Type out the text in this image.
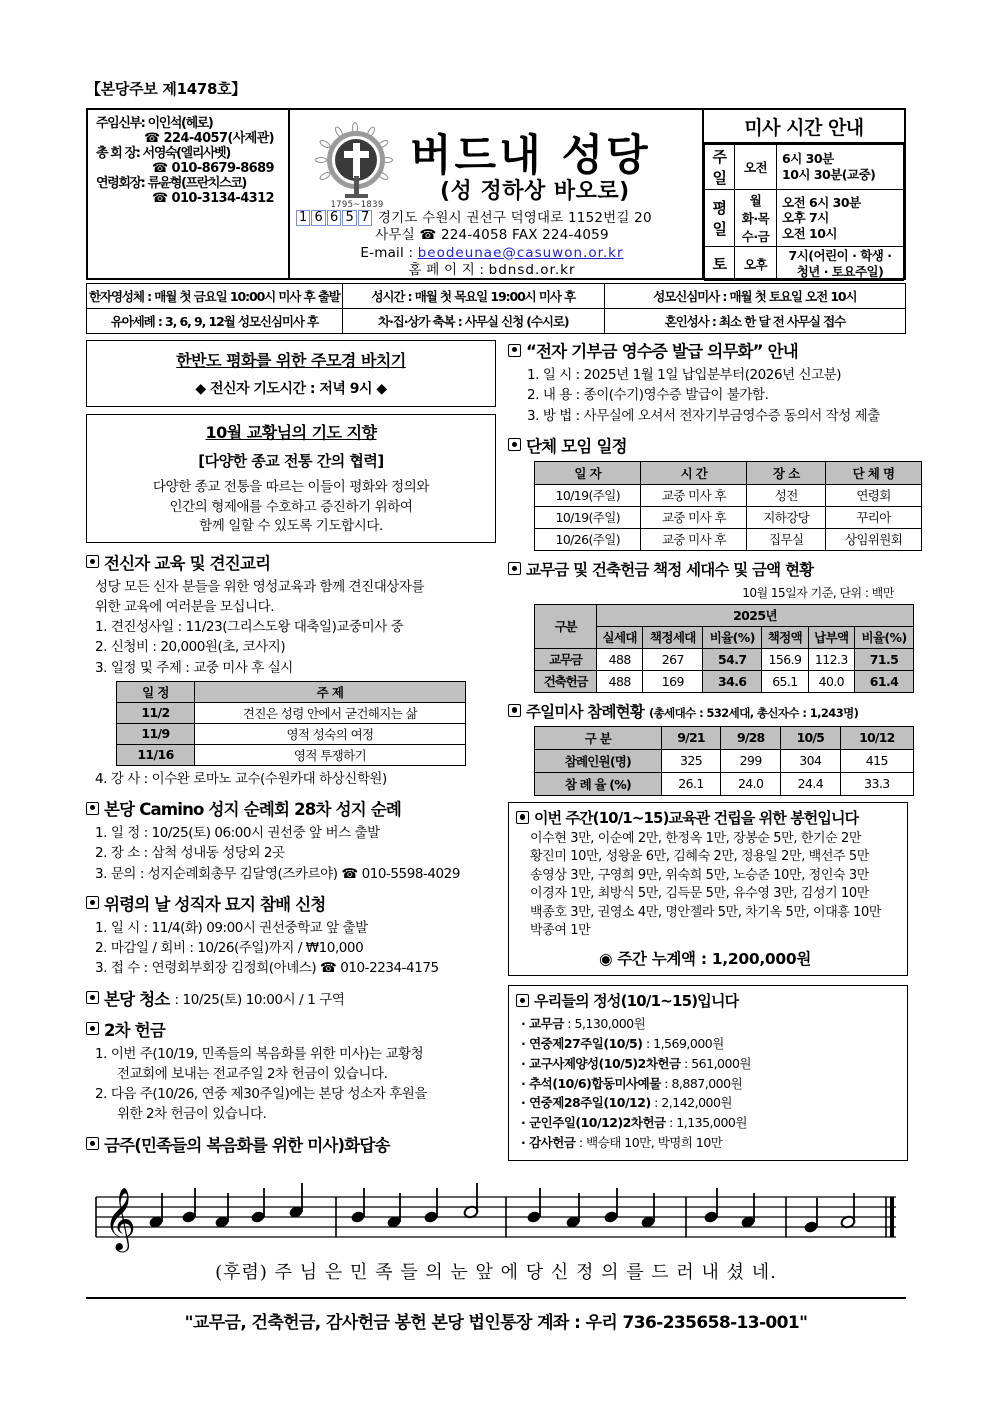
【본당주보 제1478호】
주임신부: 이인석(헤로)
☎ 224-4057(사제관)
총 회 장: 서영숙(엘리사벳)
☎ 010-8679-8689
연령회장: 류윤형(프란치스코)
☎ 010-3134-4312	1795~1839
버드내 성당
(성 정하상 바오로)
1 6 6 5 7 경기도 수원시 권선구 덕영대로 1152번길 20
사무실 ☎ 224-4058 FAX 224-4059
E-mail : beodeunae@casuwon.or.kr
홈 페 이 지 : bdnsd.or.kr
미사 시간 안내
주
일	오전	6시 30분
10시 30분(교중)
평
일	월
화·목
수·금	오전 6시 30분
오후 7시
오전 10시
토	오후	7시(어린이 · 학생 ·
청년 · 토요주일)
한자영성체 : 매월 첫 금요일 10:00시 미사 후 출발	성시간 : 매월 첫 목요일 19:00시 미사 후	성모신심미사 : 매월 첫 토요일 오전 10시
유아세례 : 3, 6, 9, 12월 성모신심미사 후	차·집·상가 축복 : 사무실 신청 (수시로)	혼인성사 : 최소 한 달 전 사무실 접수
한반도 평화를 위한 주모경 바치기
◆ 전신자 기도시간 : 저녁 9시 ◆
10월 교황님의 기도 지향
[다양한 종교 전통 간의 협력]
다양한 종교 전통을 따르는 이들이 평화와 정의와
인간의 형제애를 수호하고 증진하기 위하여
함께 일할 수 있도록 기도합시다.
전신자 교육 및 견진교리
성당 모든 신자 분들을 위한 영성교육과 함께 견진대상자를
위한 교육에 여러분을 모십니다.
1. 견진성사일 : 11/23(그리스도왕 대축일)교중미사 중
2. 신청비 : 20,000원(초, 코사지)
3. 일정 및 주제 : 교중 미사 후 실시
일 정	주 제
11/2	견진은 성령 안에서 굳건해지는 삶
11/9	영적 성숙의 여정
11/16	영적 투쟁하기
4. 강 사 : 이수완 로마노 교수(수원카대 하상신학원)
본당 Camino 성지 순례회 28차 성지 순례
1. 일 정 : 10/25(토) 06:00시 권선중 앞 버스 출발
2. 장 소 : 삼척 성내동 성당외 2곳
3. 문의 : 성지순례회총무 김달영(즈카르야) ☎ 010-5598-4029
위령의 날 성직자 묘지 참배 신청
1. 일 시 : 11/4(화) 09:00시 권선중학교 앞 출발
2. 마감일 / 회비 : 10/26(주일)까지 / ₩10,000
3. 접 수 : 연령회부회장 김정희(아녜스) ☎ 010-2234-4175
본당 청소 : 10/25(토) 10:00시 / 1 구역
2차 헌금
1. 이번 주(10/19, 민족들의 복음화를 위한 미사)는 교황청
전교회에 보내는 전교주일 2차 헌금이 있습니다.
2. 다음 주(10/26, 연중 제30주일)에는 본당 성소자 후원을
위한 2차 헌금이 있습니다.
금주(민족들의 복음화를 위한 미사)화답송
“전자 기부금 영수증 발급 의무화” 안내
1. 일 시 : 2025년 1월 1일 납입분부터(2026년 신고분)
2. 내 용 : 종이(수기)영수증 발급이 불가함.
3. 방 법 : 사무실에 오셔서 전자기부금영수증 동의서 작성 제출
단체 모임 일정
일 자	시 간	장 소	단 체 명
10/19(주일)	교중 미사 후	성전	연령회
10/19(주일)	교중 미사 후	지하강당	꾸리아
10/26(주일)	교중 미사 후	집무실	상임위원회
교무금 및 건축헌금 책정 세대수 및 금액 현황
10월 15일자 기준, 단위 : 백만
구분	2025년					
	실세대	책정세대	비율(%)	책정액	납부액	비율(%)
교무금	488	267	54.7	156.9	112.3	71.5
건축헌금	488	169	34.6	65.1	40.0	61.4
주일미사 참례현황 (총세대수 : 532세대, 총신자수 : 1,243명)
구 분	9/21	9/28	10/5	10/12
참례인원(명)	325	299	304	415
참 례 율 (%)	26.1	24.0	24.4	33.3
이번 주간(10/1~15)교육관 건립을 위한 봉헌입니다
이수현 3만, 이순예 2만, 한정옥 1만, 장봉순 5만, 한기순 2만
황진미 10만, 성왕윤 6만, 김혜숙 2만, 정용일 2만, 백선주 5만
송영상 3만, 구영희 9만, 위숙희 5만, 노승준 10만, 정인숙 3만
이경자 1만, 최방식 5만, 김득문 5만, 유수영 3만, 김성기 10만
백종호 3만, 권영소 4만, 명안젤라 5만, 차기옥 5만, 이대흥 10만
박종여 1만
◉ 주간 누계액 : 1,200,000원
우리들의 정성(10/1~15)입니다
· 교무금 : 5,130,000원
· 연중제27주일(10/5) : 1,569,000원
· 교구사제양성(10/5)2차헌금 : 561,000원
· 추석(10/6)합동미사예물 : 8,887,000원
· 연중제28주일(10/12) : 2,142,000원
· 군인주일(10/12)2차헌금 : 1,135,000원
· 감사헌금 : 백승태 10만, 박명희 10만
𝄞
(후렴) 주 님 은 민 족 들 의 눈 앞 에 당 신 정 의 를 드 러 내 셨 네.
"교무금, 건축헌금, 감사헌금 봉헌 본당 법인통장 계좌 : 우리 736-235658-13-001"
